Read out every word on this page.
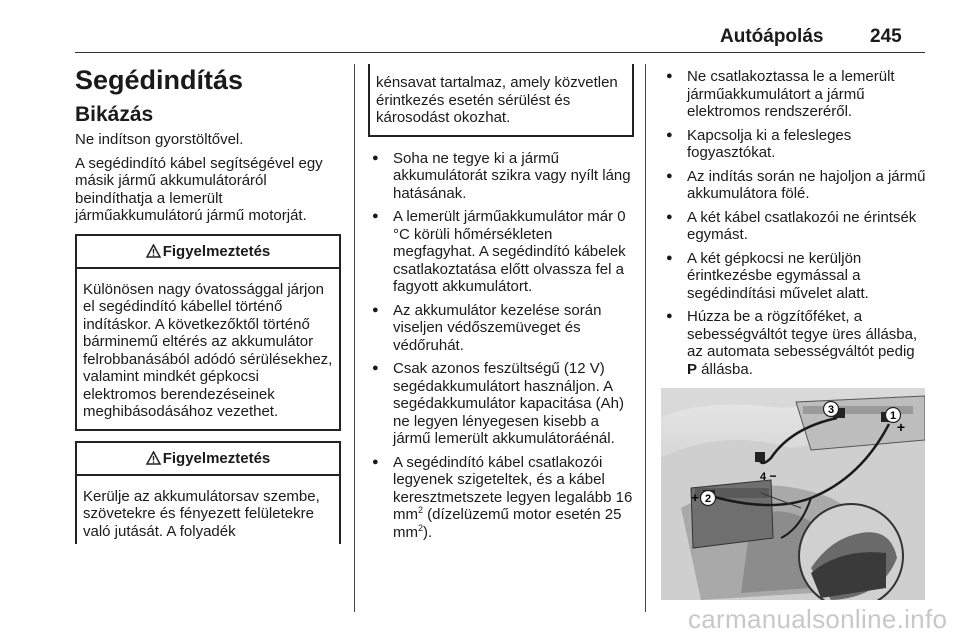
Autóápolás 245
Segédindítás
Bikázás

Ne indítson gyorstöltővel.

A segédindító kábel segítségével egy másik jármű akkumulátoráról beindíthatja a lemerült járműakkumulátorú jármű motorját.

Figyelmeztetés
Különösen nagy óvatossággal járjon el segédindító kábellel történő indításkor. A következőktől történő bárminemű eltérés az akkumulátor felrobbanásából adódó sérülésekhez, valamint mindkét gépkocsi elektromos berendezéseinek meghibásodásához vezethet.
Figyelmeztetés
Kerülje az akkumulátorsav szembe, szövetekre és fényezett felületekre való jutását. A folyadék
kénsavat tartalmaz, amely közvetlen érintkezés esetén sérülést és károsodást okozhat.
● Soha ne tegye ki a jármű akkumulátorát szikra vagy nyílt láng hatásának.
● A lemerült járműakkumulátor már 0 °C körüli hőmérsékleten megfagyhat. A segédindító kábelek csatlakoztatása előtt olvassza fel a fagyott akkumulátort.
● Az akkumulátor kezelése során viseljen védőszemüveget és védőruhát.
● Csak azonos feszültségű (12 V) segédakkumulátort használjon. A segédakkumulátor kapacitása (Ah) ne legyen lényegesen kisebb a jármű lemerült akkumulátoráénál.
● A segédindító kábel csatlakozói legyenek szigeteltek, és a kábel keresztmetszete legyen legalább 16 $mm^2$ (dízelüzemű motor esetén 25 $mm^2$).
● Ne csatlakoztassa le a lemerült járműakkumulátort a jármű elektromos rendszeréről.
● Kapcsolja ki a felesleges fogyasztókat.
● Az indítás során ne hajoljon a jármű akkumulátora fölé.
● A két kábel csatlakozói ne érintsék egymást.
● A két gépkocsi ne kerüljön érintkezésbe egymással a segédindítási művelet alatt.
● Húzza be a rögzítőféket, a sebességváltót tegye üres állásba, az automata sebességváltót pedig P állásba.
1
+
3
2
+
4 −
carmanualsonline.info
